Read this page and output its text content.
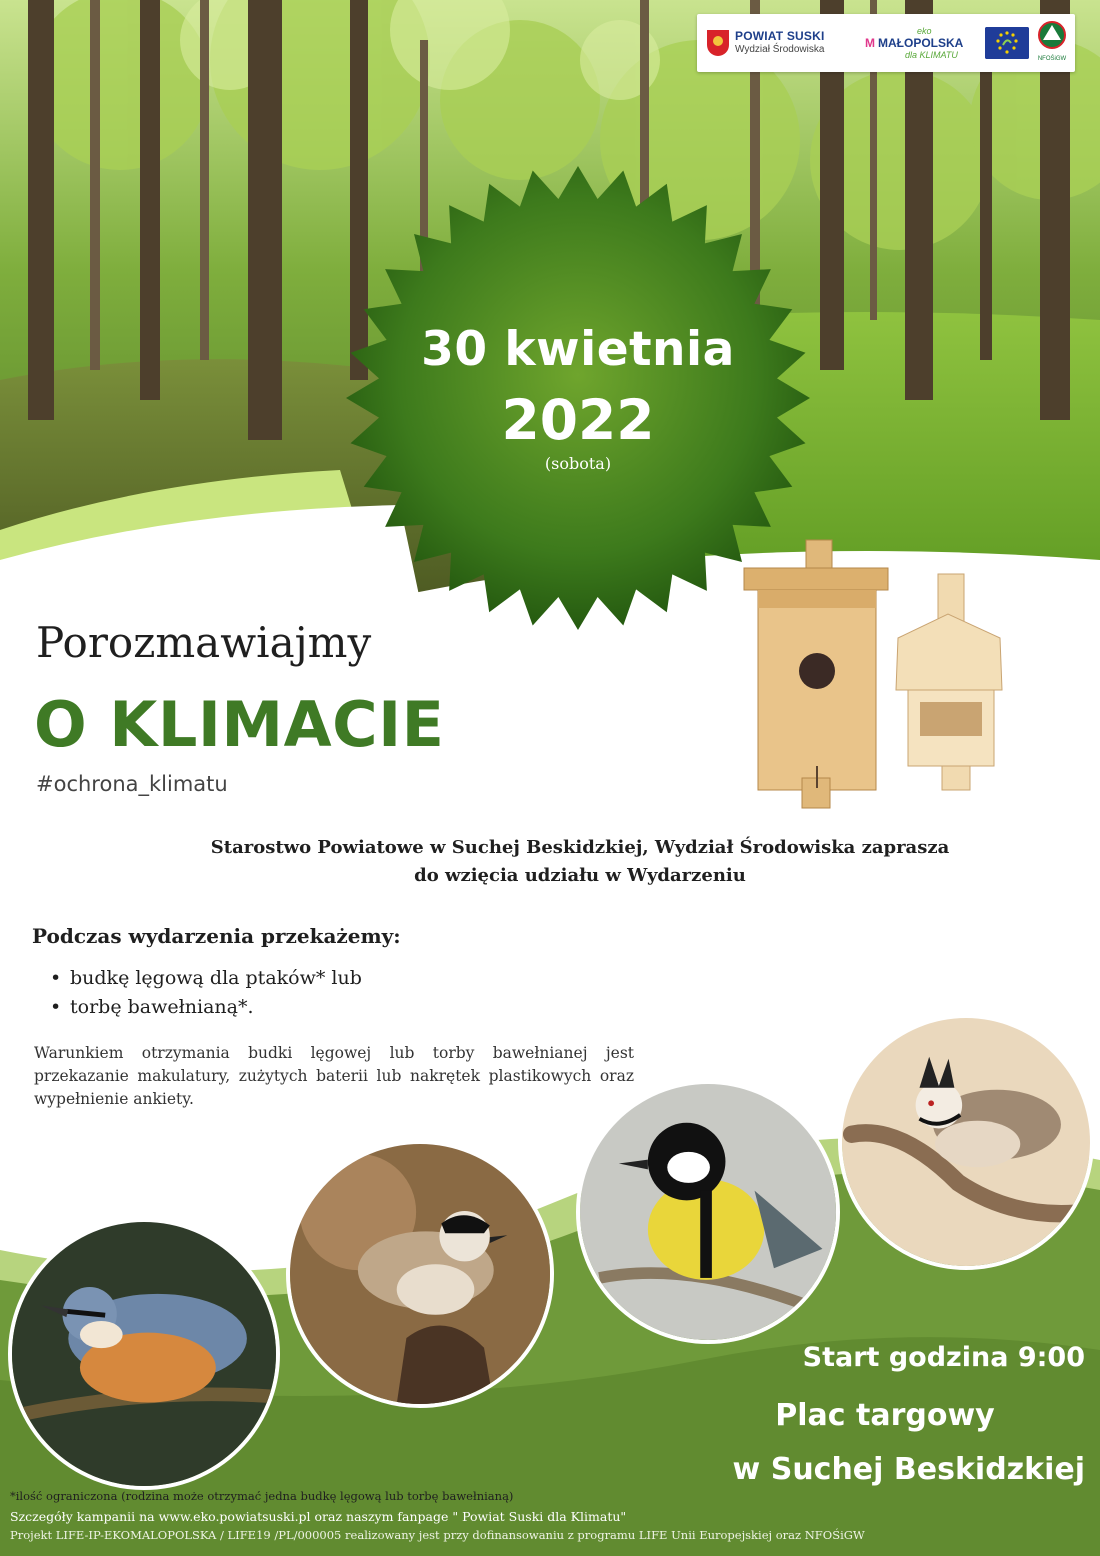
POWIAT SUSKI
Wydział Środowiska
eko
M MAŁOPOLSKA
dla KLIMATU	NFOŚiGW
30 kwietnia
2022
(sobota)
Porozmawiajmy
O KLIMACIE
#ochrona_klimatu
Starostwo Powiatowe w Suchej Beskidzkiej, Wydział Środowiska zaprasza
do wzięcia udziału w Wydarzeniu
Podczas wydarzenia przekażemy:
• budkę lęgową dla ptaków* lub
• torbę bawełnianą*.
Warunkiem otrzymania budki lęgowej lub torby bawełnianej jest przekazanie makulatury, zużytych baterii lub nakrętek plastikowych oraz wypełnienie ankiety.
Start godzina 9:00
Plac targowy
w Suchej Beskidzkiej
*ilość ograniczona (rodzina może otrzymać jedna budkę lęgową lub torbę bawełnianą)
Szczegóły kampanii na www.eko.powiatsuski.pl oraz naszym fanpage " Powiat Suski dla Klimatu"
Projekt LIFE-IP-EKOMALOPOLSKA / LIFE19 /PL/000005 realizowany jest przy dofinansowaniu z programu LIFE Unii Europejskiej oraz NFOŚiGW
